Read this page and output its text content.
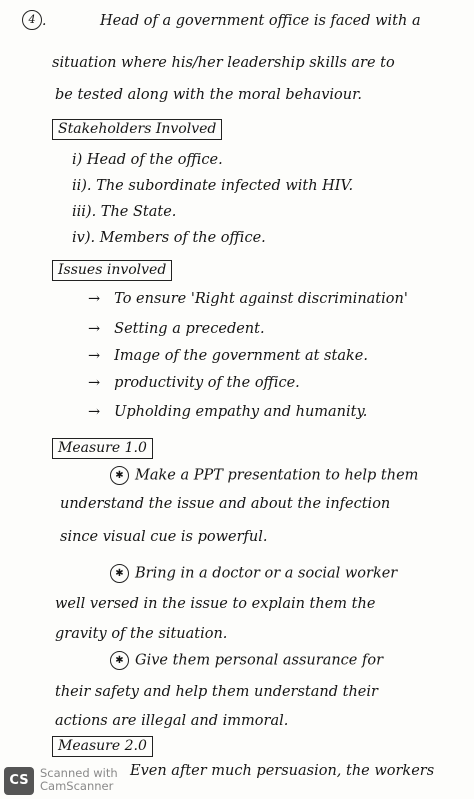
4 ·	Head of a government office is faced with a
situation where his/her leadership skills are to
be tested along with the moral behaviour.
Stakeholders Involved
i) Head of the office.
ii). The subordinate infected with HIV.
iii). The State.
iv). Members of the office.
Issues involved
→ To ensure 'Right against discrimination'
→ Setting a precedent.
→ Image of the government at stake.
→ productivity of the office.
→ Upholding empathy and humanity.
Measure 1.0
✱ Make a PPT presentation to help them
understand the issue and about the infection
since visual cue is powerful.
✱ Bring in a doctor or a social worker
well versed in the issue to explain them the
gravity of the situation.
✱ Give them personal assurance for
their safety and help them understand their
actions are illegal and immoral.
Measure 2.0
Even after much persuasion, the workers
CS Scanned with
CamScanner
